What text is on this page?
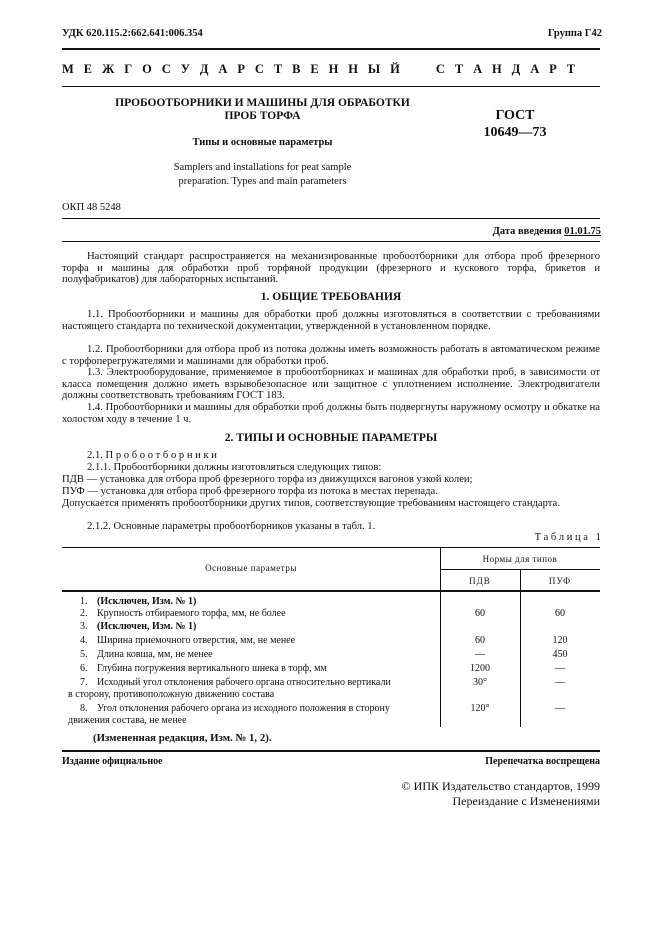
УДК 620.115.2:662.641:006.354	Группа Г42
М Е Ж Г О С У Д А Р С Т В Е Н Н Ы Й     С Т А Н Д А Р Т
ПРОБООТБОРНИКИ И МАШИНЫ ДЛЯ ОБРАБОТКИ
ПРОБ ТОРФА
Типы и основные параметры
Samplers and installations for peat sample
preparation. Types and main parameters
ГОСТ
10649—73
ОКП 48 5248
Дата введения 01.01.75

Настоящий стандарт распространяется на механизированные пробоотборники для отбора проб фрезерного торфа и машины для обработки проб торфяной продукции (фрезерного и кускового торфа, брикетов и полуфабрикатов) для лабораторных испытаний.

1. ОБЩИЕ ТРЕБОВАНИЯ

1.1. Пробоотборники и машины для обработки проб должны изготовляться в соответствии с требованиями настоящего стандарта по технической документации, утвержденной в установленном порядке.

1.2. Пробоотборники для отбора проб из потока должны иметь возможность работать в автоматическом режиме с торфоперегружателями и машинами для обработки проб.

1.3. Электрооборудование, применяемое в пробоотборниках и машинах для обработки проб, в зависимости от класса помещения должно иметь взрывобезопасное или защитное с уплотнением исполнение. Электродвигатели должны соответствовать требованиям ГОСТ 183.

1.4. Пробоотборники и машины для обработки проб должны быть подвергнуты наружному осмотру и обкатке на холостом ходу в течение 1 ч.

2. ТИПЫ И ОСНОВНЫЕ ПАРАМЕТРЫ

2.1. П р о б о о т б о р н и к и

2.1.1. Пробоотборники должны изготовляться следующих типов:

ПДВ — установка для отбора проб фрезерного торфа из движущихся вагонов узкой колеи;

ПУФ — установка для отбора проб фрезерного торфа из потока в местах перепада.

Допускается применять пробоотборники других типов, соответствующие требованиям настоящего стандарта.

2.1.2. Основные параметры пробоотборников указаны в табл. 1.

Т а б л и ц а   1
Основные параметры
Нормы для типов
ПДВ	ПУФ
1. (Исключен, Изм. № 1)
2. Крупность отбираемого торфа, мм, не более	60	60
3. (Исключен, Изм. № 1)
4. Ширина приемочного отверстия, мм, не менее	60	120
5. Длина ковша, мм, не менее	—	450
6. Глубина погружения вертикального шнека в торф, мм	1200	—
7. Исходный угол отклонения рабочего органа относительно вертикали
в сторону, противоположную движению состава
30°	—
8. Угол отклонения рабочего органа из исходного положения в сторону
движения состава, не менее
120°	—
(Измененная редакция, Изм. № 1, 2).
Издание официальное	Перепечатка воспрещена
© ИПК Издательство стандартов, 1999
Переиздание с Изменениями
